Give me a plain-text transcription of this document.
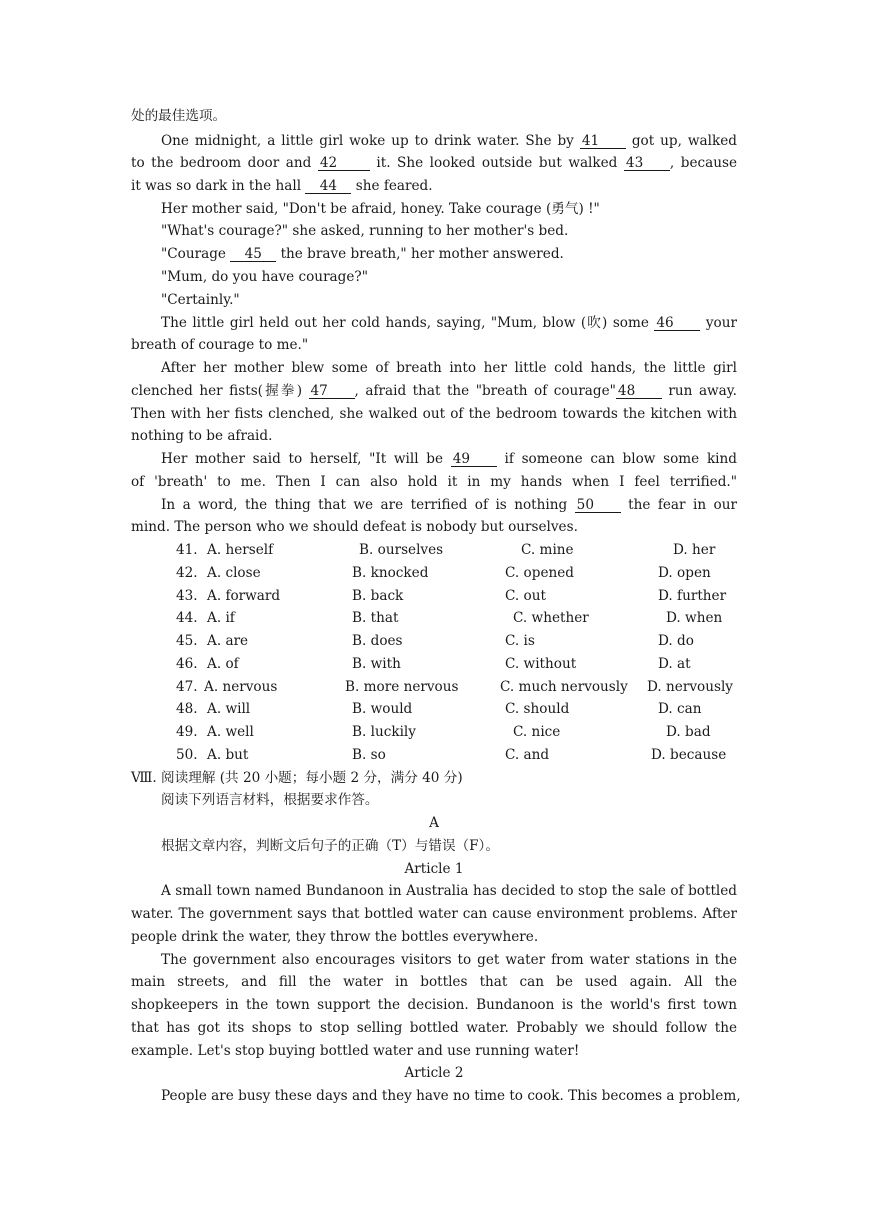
处的最佳选项。
One midnight, a little girl woke up to drink water. She by 41 got up, walked
to the bedroom door and 42 it. She looked outside but walked 43 , because
it was so dark in the hall 44 she feared.
Her mother said, "Don't be afraid, honey. Take courage (勇气) !"
"What's courage?" she asked, running to her mother's bed.
"Courage 45 the brave breath," her mother answered.
"Mum, do you have courage?"
"Certainly."
The little girl held out her cold hands, saying, "Mum, blow (吹) some 46 your
breath of courage to me."
After her mother blew some of breath into her little cold hands, the little girl
clenched her fists(握拳) 47 , afraid that the "breath of courage" 48 run away.
Then with her fists clenched, she walked out of the bedroom towards the kitchen with
nothing to be afraid.
Her mother said to herself, "It will be 49 if someone can blow some kind
of 'breath' to me. Then I can also hold it in my hands when I feel terrified."
In a word, the thing that we are terrified of is nothing 50 the fear in our
mind. The person who we should defeat is nobody but ourselves.
41. A. herself	B. ourselves	C. mine	D. her
42. A. close	B. knocked	C. opened	D. open
43. A. forward	B. back	C. out	D. further
44. A. if	B. that	C. whether	D. when
45. A. are	B. does	C. is	D. do
46. A. of	B. with	C. without	D. at
47. A. nervous	B. more nervous	C. much nervously D. nervously
48. A. will	B. would	C. should	D. can
49. A. well	B. luckily	C. nice	D. bad
50. A. but	B. so	C. and	D. because
Ⅷ. 阅读理解 (共 20 小题；每小题 2 分，满分 40 分)
阅读下列语言材料，根据要求作答。
A
根据文章内容，判断文后句子的正确（T）与错误（F）。
Article 1
A small town named Bundanoon in Australia has decided to stop the sale of bottled
water. The government says that bottled water can cause environment problems. After
people drink the water, they throw the bottles everywhere.
The government also encourages visitors to get water from water stations in the
main streets, and fill the water in bottles that can be used again. All the
shopkeepers in the town support the decision. Bundanoon is the world's first town
that has got its shops to stop selling bottled water. Probably we should follow the
example. Let's stop buying bottled water and use running water!
Article 2
People are busy these days and they have no time to cook. This becomes a problem,
